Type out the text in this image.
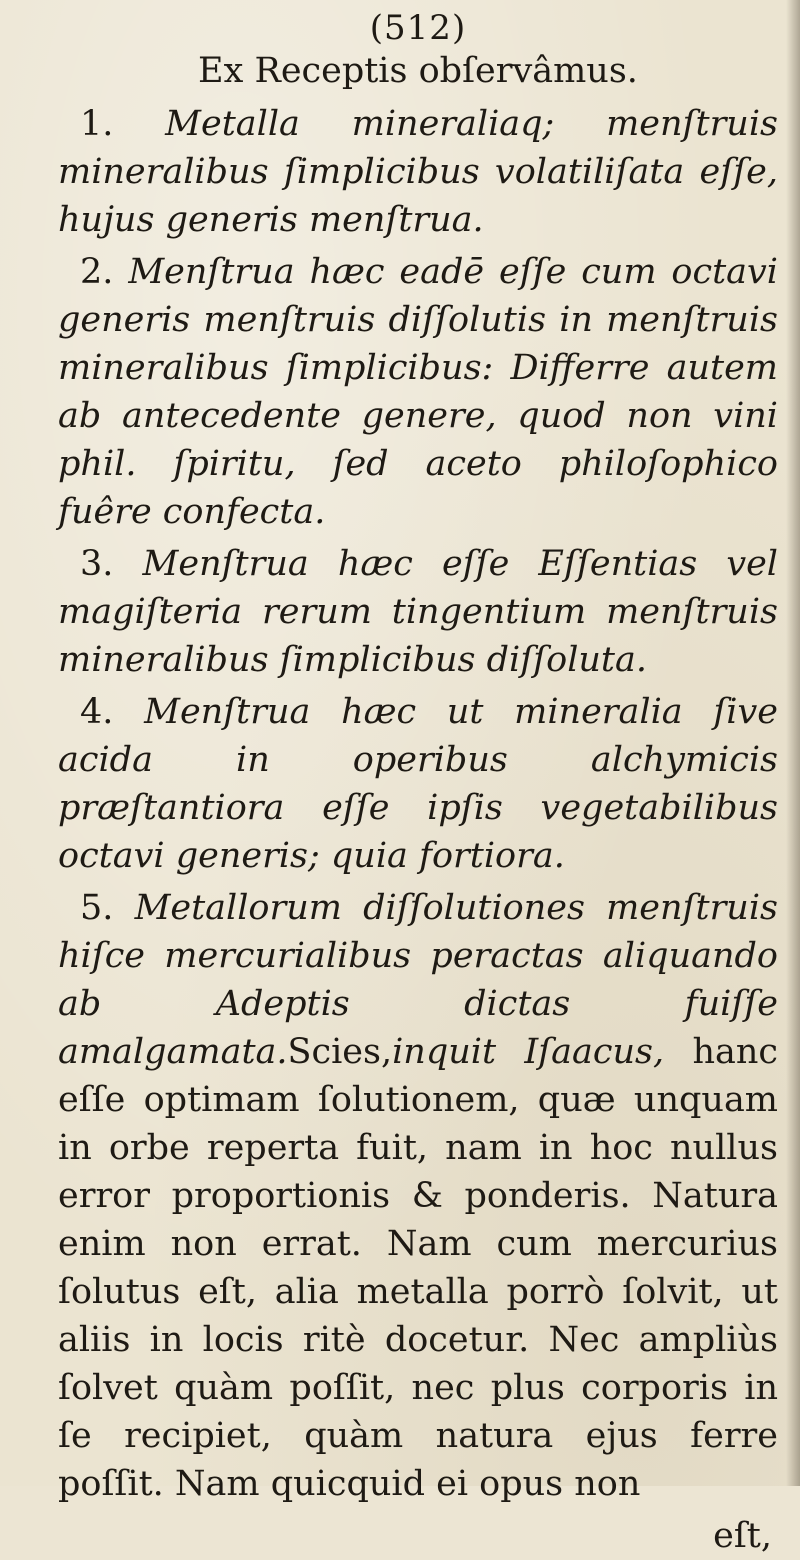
(512)
Ex Receptis obſervâmus.

1. Metalla mineraliaq; menſtruis mineralibus ſimplicibus volatiliſata eſſe, hujus generis menſtrua.

2. Menſtrua hæc eadē eſſe cum octavi generis menſtruis diſſolutis in menſtruis mineralibus ſimplicibus: Differre autem ab antecedente genere, quod non vini phil. ſpiritu, ſed aceto philoſophico fuêre confecta.

3. Menſtrua hæc eſſe Eſſentias vel magiſteria rerum tingentium menſtruis mineralibus ſimplicibus diſſoluta.

4. Menſtrua hæc ut mineralia ſive acida in operibus alchymicis præſtantiora eſſe ipſis vegetabilibus octavi generis; quia fortiora.

5. Metallorum diſſolutiones menſtruis hiſce mercurialibus peractas aliquando ab Adeptis dictas fuiſſe amalgamata.Scies,inquit Iſaacus, hanc eſſe optimam ſolutionem, quæ unquam in orbe reperta fuit, nam in hoc nullus error proportionis & ponderis. Natura enim non errat. Nam cum mercurius ſolutus eſt, alia metalla porrò ſolvit, ut aliis in locis ritè docetur. Nec ampliùs ſolvet quàm poſſit, nec plus corporis in ſe recipiet, quàm natura ejus ferre poſſit. Nam quicquid ei opus non

eſt,
